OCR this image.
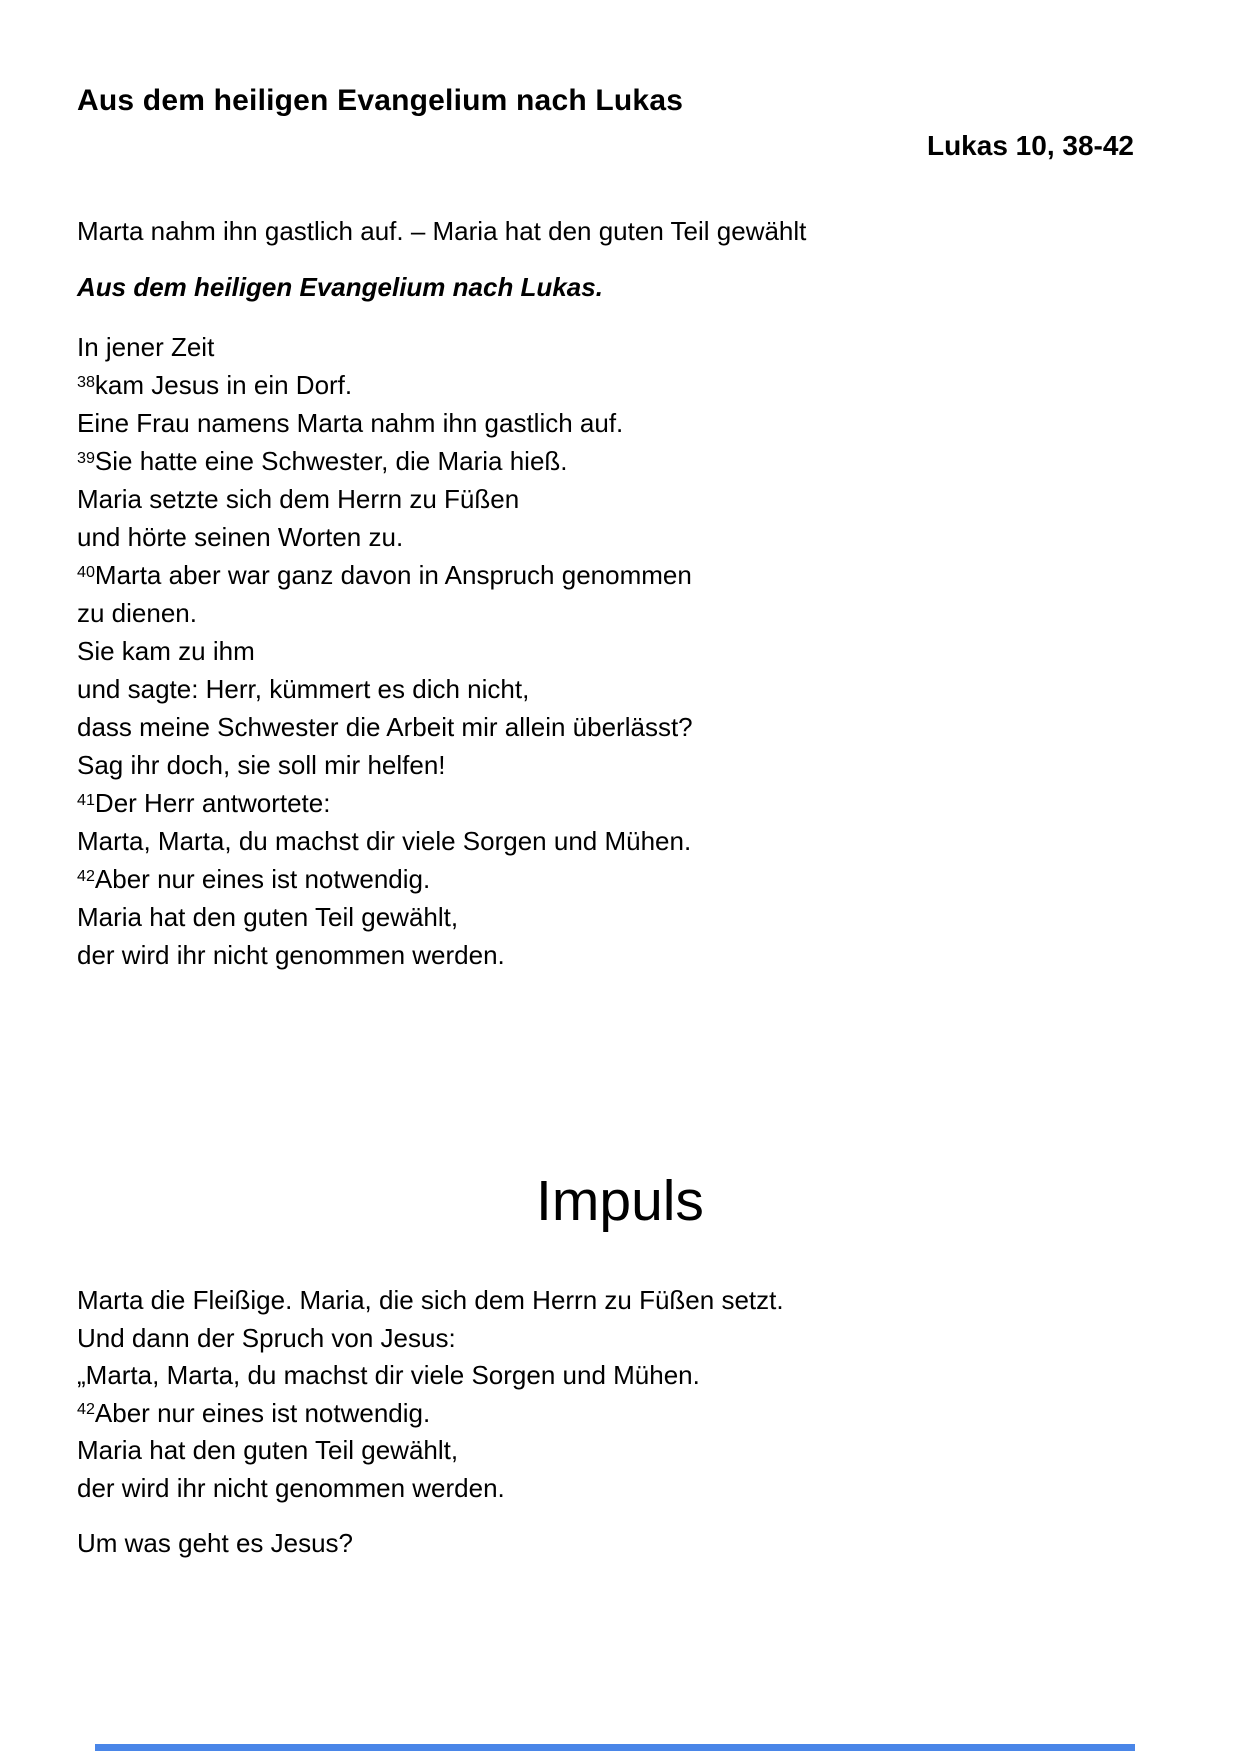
Aus dem heiligen Evangelium nach Lukas
Lukas 10, 38-42
Marta nahm ihn gastlich auf. – Maria hat den guten Teil gewählt
Aus dem heiligen Evangelium nach Lukas.
In jener Zeit
$^{38}$kam Jesus in ein Dorf.
Eine Frau namens Marta nahm ihn gastlich auf.
$^{39}$Sie hatte eine Schwester, die Maria hieß.
Maria setzte sich dem Herrn zu Füßen
und hörte seinen Worten zu.
$^{40}$Marta aber war ganz davon in Anspruch genommen
zu dienen.
Sie kam zu ihm
und sagte: Herr, kümmert es dich nicht,
dass meine Schwester die Arbeit mir allein überlässt?
Sag ihr doch, sie soll mir helfen!
$^{41}$Der Herr antwortete:
Marta, Marta, du machst dir viele Sorgen und Mühen.
$^{42}$Aber nur eines ist notwendig.
Maria hat den guten Teil gewählt,
der wird ihr nicht genommen werden.
Impuls
Marta die Fleißige. Maria, die sich dem Herrn zu Füßen setzt.
Und dann der Spruch von Jesus:
„Marta, Marta, du machst dir viele Sorgen und Mühen.
$^{42}$Aber nur eines ist notwendig.
Maria hat den guten Teil gewählt,
der wird ihr nicht genommen werden.
Um was geht es Jesus?
